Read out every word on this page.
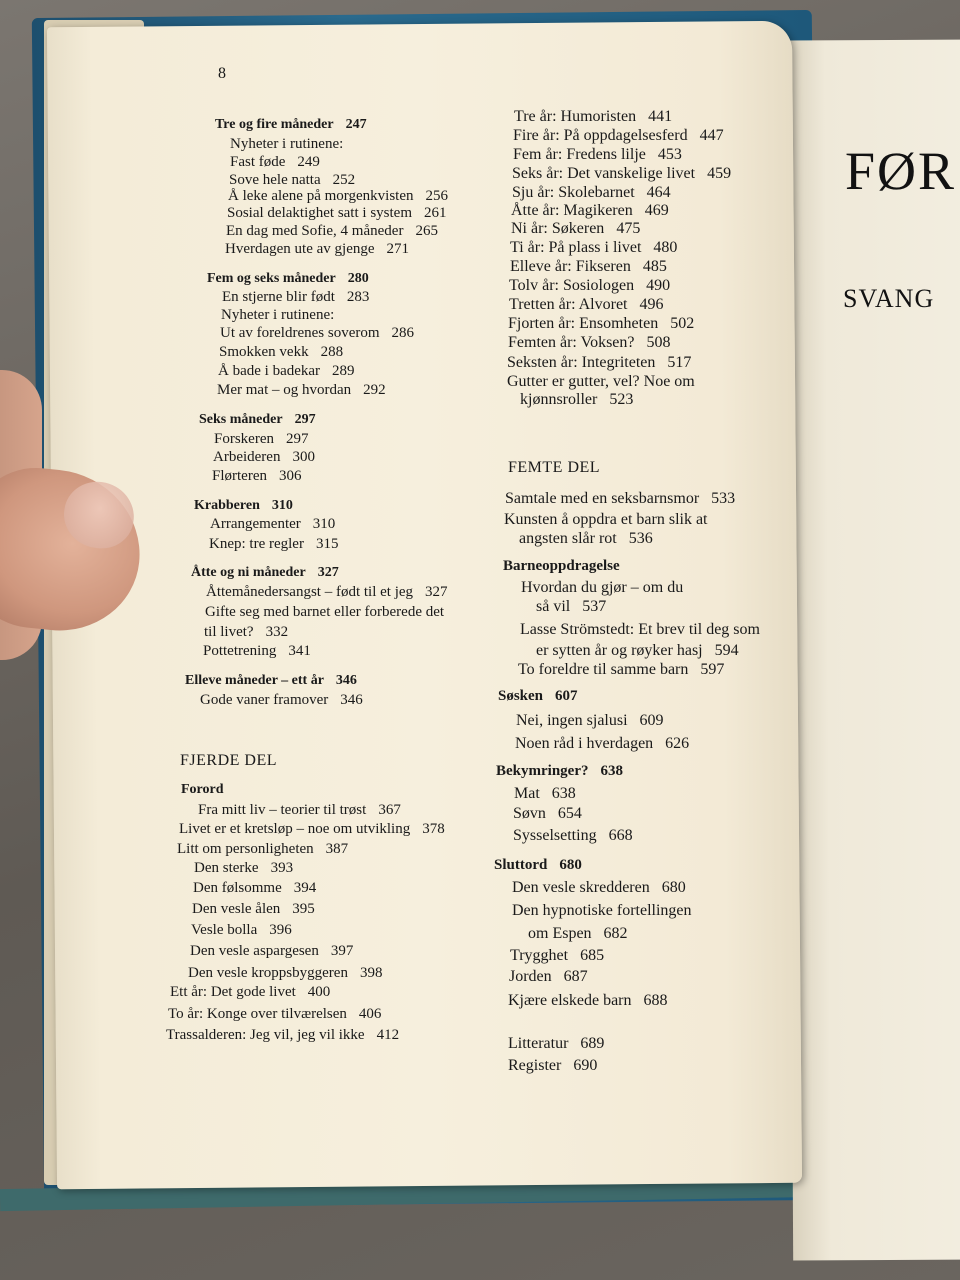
FØR
SVANG
8
Tre og fire måneder 247
Nyheter i rutinene:
Fast føde 249
Sove hele natta 252
Å leke alene på morgenkvisten 256
Sosial delaktighet satt i system 261
En dag med Sofie, 4 måneder 265
Hverdagen ute av gjenge 271
Fem og seks måneder 280
En stjerne blir født 283
Nyheter i rutinene:
Ut av foreldrenes soverom 286
Smokken vekk 288
Å bade i badekar 289
Mer mat – og hvordan 292
Seks måneder 297
Forskeren 297
Arbeideren 300
Flørteren 306
Krabberen 310
Arrangementer 310
Knep: tre regler 315
Åtte og ni måneder 327
Åttemånedersangst – født til et jeg 327
Gifte seg med barnet eller forberede det
til livet? 332
Pottetrening 341
Elleve måneder – ett år 346
Gode vaner framover 346
FJERDE DEL
Forord
Fra mitt liv – teorier til trøst 367
Livet er et kretsløp – noe om utvikling 378
Litt om personligheten 387
Den sterke 393
Den følsomme 394
Den vesle ålen 395
Vesle bolla 396
Den vesle aspargesen 397
Den vesle kroppsbyggeren 398
Ett år: Det gode livet 400
To år: Konge over tilværelsen 406
Trassalderen: Jeg vil, jeg vil ikke 412
Tre år: Humoristen 441
Fire år: På oppdagelsesferd 447
Fem år: Fredens lilje 453
Seks år: Det vanskelige livet 459
Sju år: Skolebarnet 464
Åtte år: Magikeren 469
Ni år: Søkeren 475
Ti år: På plass i livet 480
Elleve år: Fikseren 485
Tolv år: Sosiologen 490
Tretten år: Alvoret 496
Fjorten år: Ensomheten 502
Femten år: Voksen? 508
Seksten år: Integriteten 517
Gutter er gutter, vel? Noe om
kjønnsroller 523
FEMTE DEL
Samtale med en seksbarnsmor 533
Kunsten å oppdra et barn slik at
angsten slår rot 536
Barneoppdragelse
Hvordan du gjør – om du
så vil 537
Lasse Strömstedt: Et brev til deg som
er sytten år og røyker hasj 594
To foreldre til samme barn 597
Søsken 607
Nei, ingen sjalusi 609
Noen råd i hverdagen 626
Bekymringer? 638
Mat 638
Søvn 654
Sysselsetting 668
Sluttord 680
Den vesle skredderen 680
Den hypnotiske fortellingen
om Espen 682
Trygghet 685
Jorden 687
Kjære elskede barn 688
Litteratur 689
Register 690
